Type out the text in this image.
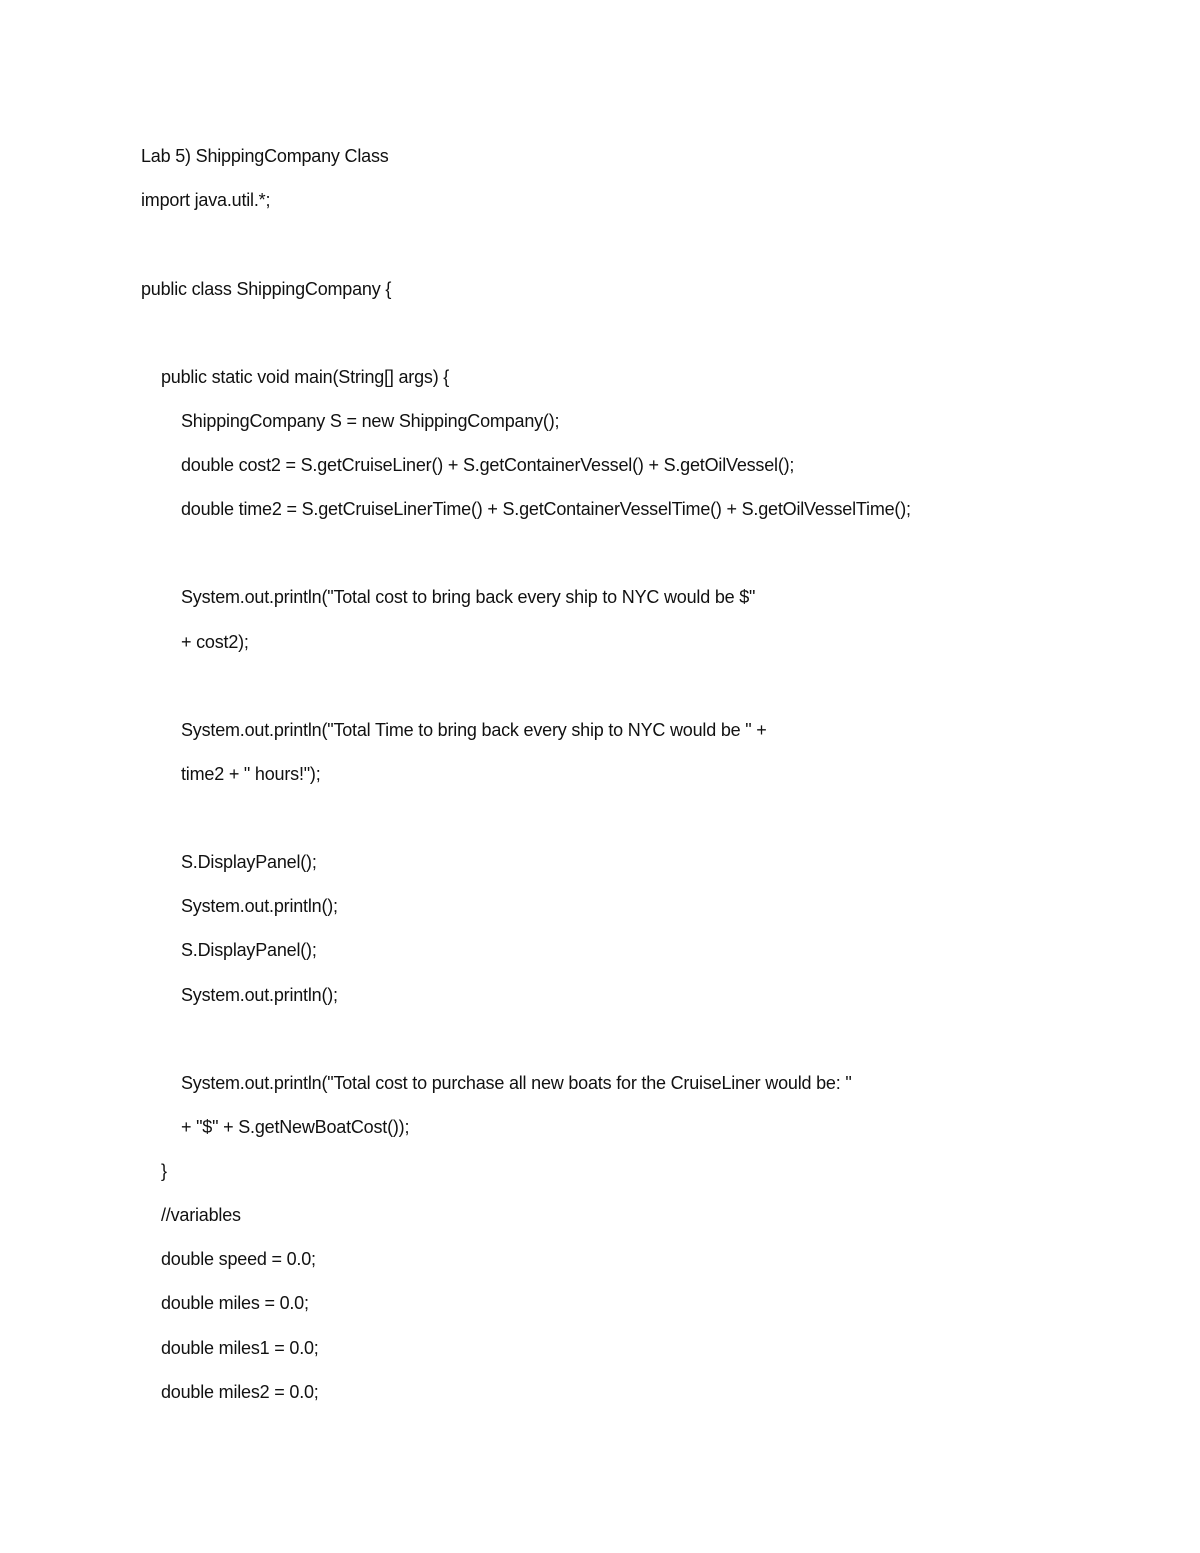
Lab 5) ShippingCompany Class
import java.util.*;
public class ShippingCompany {
public static void main(String[] args) {
ShippingCompany S = new ShippingCompany();
double cost2 = S.getCruiseLiner() + S.getContainerVessel() + S.getOilVessel();
double time2 = S.getCruiseLinerTime() + S.getContainerVesselTime() + S.getOilVesselTime();
System.out.println("Total cost to bring back every ship to NYC would be $"
+ cost2);
System.out.println("Total Time to bring back every ship to NYC would be " +
time2 + " hours!");
S.DisplayPanel();
System.out.println();
S.DisplayPanel();
System.out.println();
System.out.println("Total cost to purchase all new boats for the CruiseLiner would be: "
+ "$" + S.getNewBoatCost());
}
//variables
double speed = 0.0;
double miles = 0.0;
double miles1 = 0.0;
double miles2 = 0.0;
